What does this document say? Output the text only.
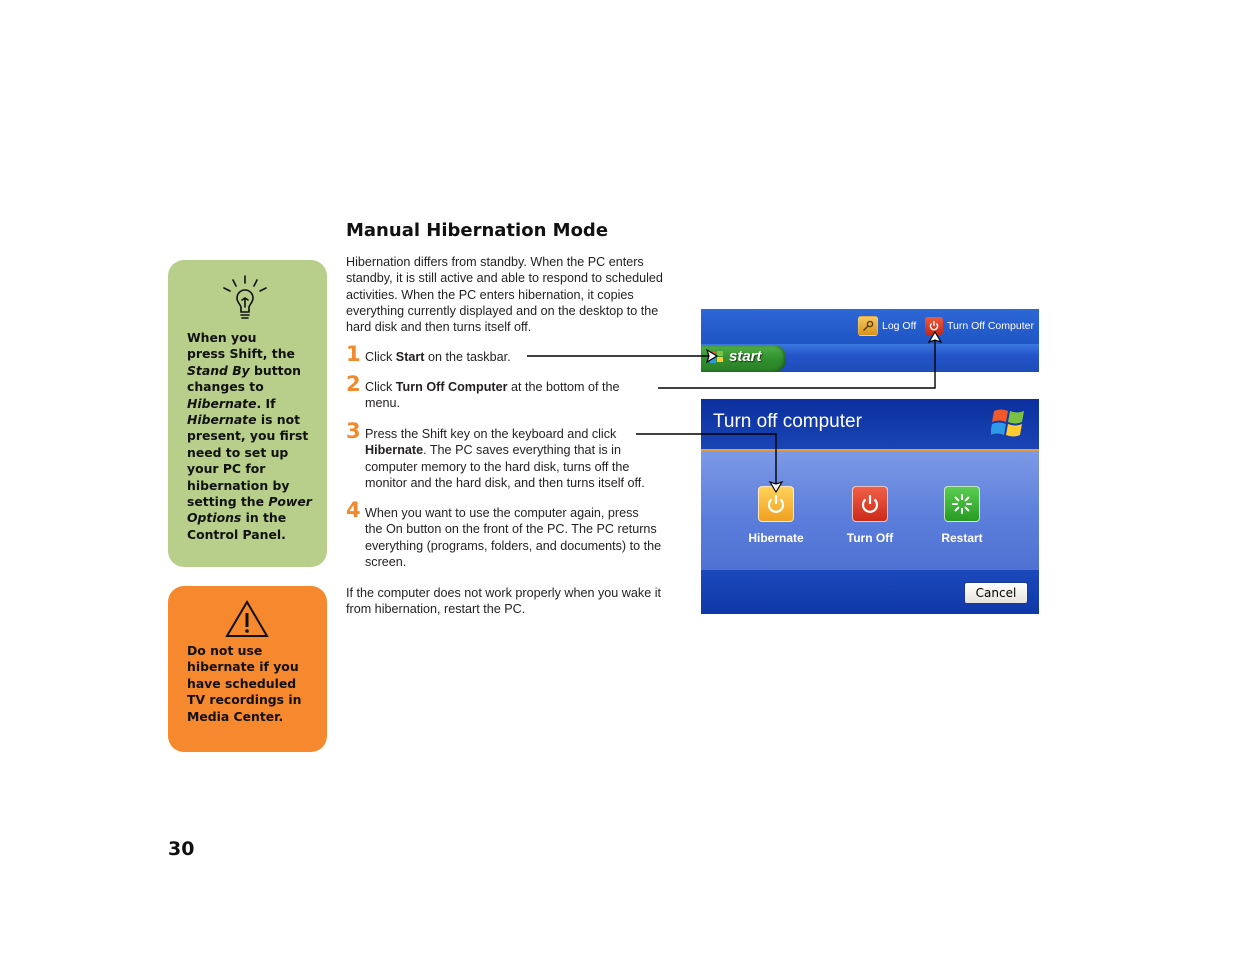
When you
press Shift, the
Stand By button
changes to
Hibernate. If
Hibernate is not
present, you first
need to set up
your PC for
hibernation by
setting the Power
Options in the
Control Panel.
Do not use
hibernate if you
have scheduled
TV recordings in
Media Center.
Manual Hibernation Mode

Hibernation differs from standby. When the PC enters
standby, it is still active and able to respond to scheduled
activities. When the PC enters hibernation, it copies
everything currently displayed and on the desktop to the
hard disk and then turns itself off.

1 Click Start on the taskbar.

2 Click Turn Off Computer at the bottom of the
menu.

3 Press the Shift key on the keyboard and click
Hibernate. The PC saves everything that is in
computer memory to the hard disk, turns off the
monitor and the hard disk, and then turns itself off.

4 When you want to use the computer again, press
the On button on the front of the PC. The PC returns
everything (programs, folders, and documents) to the
screen.

If the computer does not work properly when you wake it
from hibernation, restart the PC.

30
Log Off	Turn Off Computer
start
Turn off computer
Hibernate	Turn Off	Restart
Cancel
